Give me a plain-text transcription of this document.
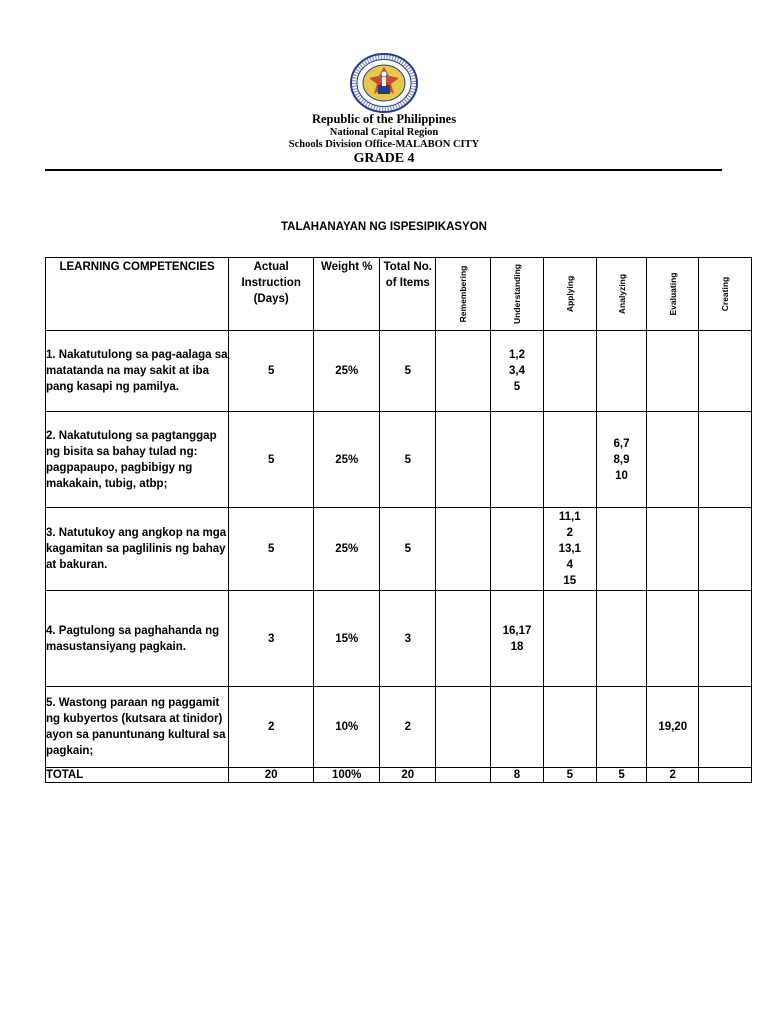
Republic of the Philippines
National Capital Region
Schools Division Office-MALABON CITY
GRADE 4
TALAHANAYAN NG ISPESIPIKASYON
LEARNING COMPETENCIES	Actual Instruction (Days)	Weight %	Total No. of Items	Remembering	Understanding	Applying	Analyzing	Evaluating	Creating

1. Nakatutulong sa pag-aalaga sa matatanda na may sakit at iba pang kasapi ng pamilya.	5	25%	5		1,2
3,4
5				
2. Nakatutulong sa pagtanggap ng bisita sa bahay tulad ng: pagpapaupo, pagbibigy ng makakain, tubig, atbp;	5	25%	5				6,7
8,9
10		
3. Natutukoy ang angkop na mga kagamitan sa paglilinis ng bahay at bakuran.	5	25%	5			11,1
2
13,1
4
15			
4. Pagtulong sa paghahanda ng masustansiyang pagkain.	3	15%	3		16,17
18				
5. Wastong paraan ng paggamit ng kubyertos (kutsara at tinidor) ayon sa panuntunang kultural sa pagkain;	2	10%	2					19,20	
TOTAL	20	100%	20		8	5	5	2	
